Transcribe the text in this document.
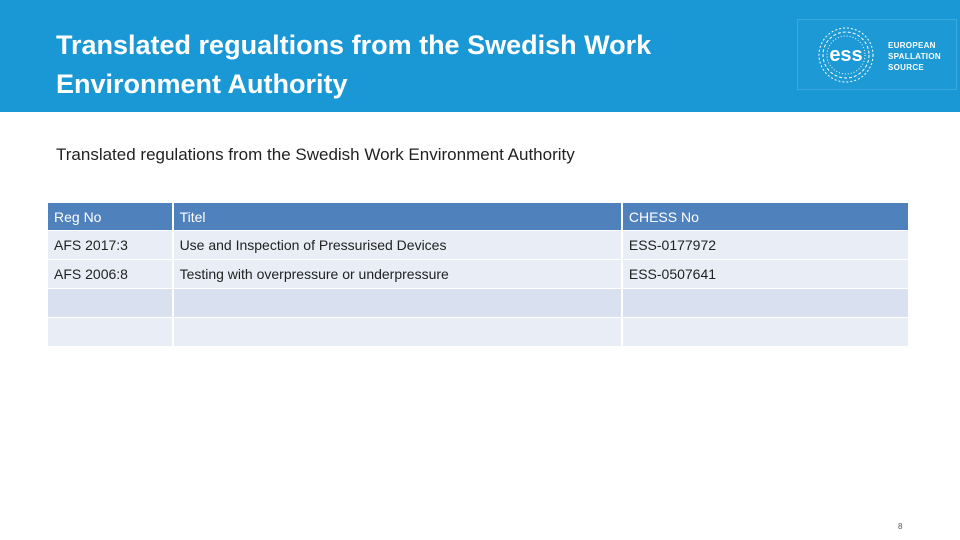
Translated regualtions from the Swedish Work Environment Authority
ess	EUROPEAN
SPALLATION
SOURCE
Translated regulations from the Swedish Work Environment Authority
Reg No	Titel	CHESS No
AFS 2017:3	Use and Inspection of Pressurised Devices	ESS-0177972
AFS 2006:8	Testing with overpressure or underpressure	ESS-0507641

8
